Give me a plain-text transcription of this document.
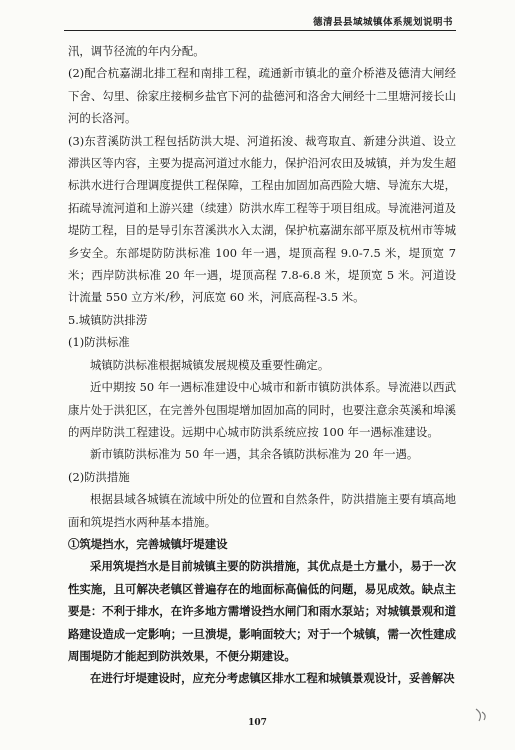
德清县县域城镇体系规划说明书

汛，调节径流的年内分配。

(2)配合杭嘉湖北排工程和南排工程，疏通新市镇北的童介桥港及德清大闸经下舍、勾里、徐家庄接桐乡盐官下河的盐德河和洛舍大闸经十二里塘河接长山河的长洛河。

(3)东苕溪防洪工程包括防洪大堤、河道拓浚、裁弯取直、新建分洪道、设立滞洪区等内容，主要为提高河道过水能力，保护沿河农田及城镇，并为发生超标洪水进行合理调度提供工程保障，工程由加固加高西险大塘、导流东大堤，拓疏导流河道和上游兴建（续建）防洪水库工程等于项目组成。导流港河道及堤防工程，目的是导引东苕溪洪水入太湖，保护杭嘉湖东部平原及杭州市等城乡安全。东部堤防防洪标准 100 年一遇，堤顶高程 9.0-7.5 米，堤顶宽 7 米；西岸防洪标准 20 年一遇，堤顶高程 7.8-6.8 米，堤顶宽 5 米。河道设计流量 550 立方米/秒，河底宽 60 米，河底高程-3.5 米。

5.城镇防洪排涝

(1)防洪标准

城镇防洪标准根据城镇发展规模及重要性确定。

近中期按 50 年一遇标准建设中心城市和新市镇防洪体系。导流港以西武康片处于洪犯区，在完善外包围堤增加固加高的同时，也要注意余英溪和埠溪的两岸防洪工程建设。远期中心城市防洪系统应按 100 年一遇标准建设。

新市镇防洪标准为 50 年一遇，其余各镇防洪标准为 20 年一遇。

(2)防洪措施

根据县域各城镇在流域中所处的位置和自然条件，防洪措施主要有填高地面和筑堤挡水两种基本措施。

①筑堤挡水，完善城镇圩堤建设

采用筑堤挡水是目前城镇主要的防洪措施，其优点是土方量小，易于一次性实施，且可解决老镇区普遍存在的地面标高偏低的问题，易见成效。缺点主要是：不利于排水，在许多地方需增设挡水闸门和雨水泵站；对城镇景观和道路建设造成一定影响；一旦溃堤，影响面较大；对于一个城镇，需一次性建成周围堤防才能起到防洪效果，不便分期建设。

在进行圩堤建设时，应充分考虑镇区排水工程和城镇景观设计，妥善解决

107
